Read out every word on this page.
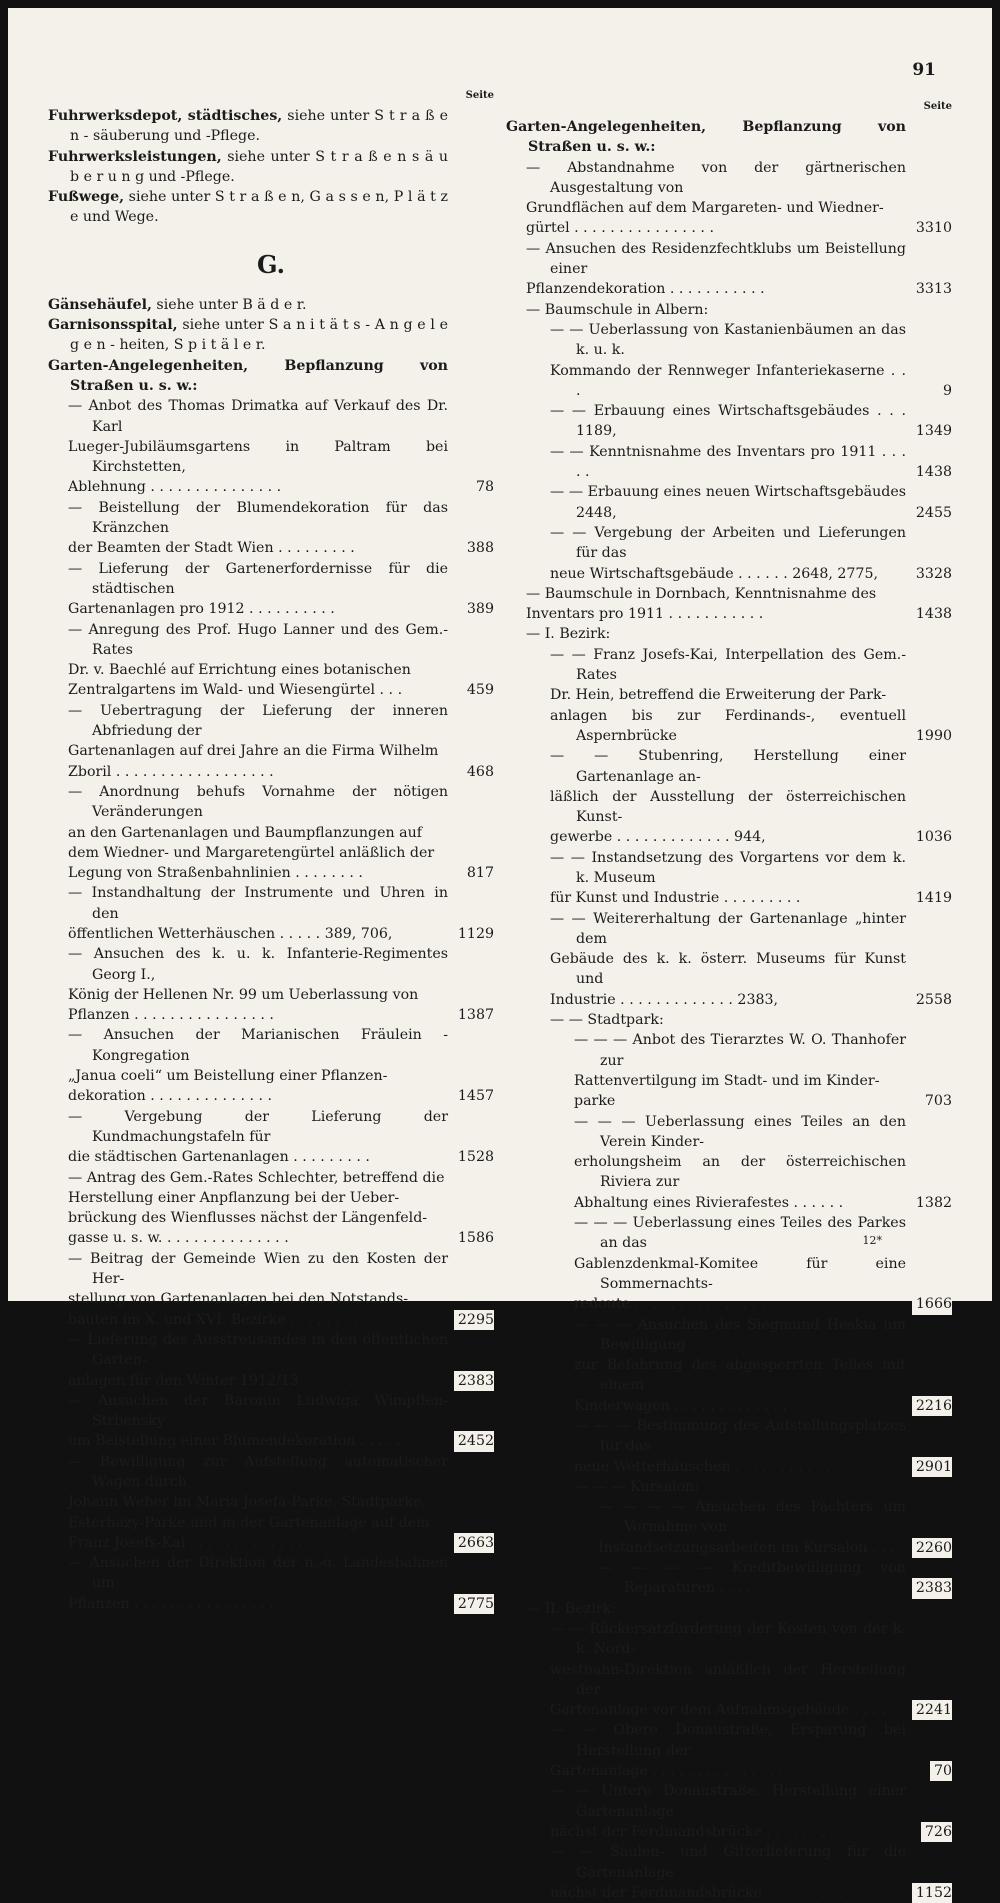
91
Seite
Fuhrwerksdepot, städtisches, siehe unter S t r a ß e n - säuberung und -Pflege.
Fuhrwerksleistungen, siehe unter S t r a ß e n s ä u b e r u n g und -Pflege.
Fußwege, siehe unter S t r a ß e n, G a s s e n, P l ä t z e und Wege.
G.
Gänsehäufel, siehe unter B ä d e r.
Garnisonsspital, siehe unter S a n i t ä t s - A n g e l e g e n - heiten, S p i t ä l e r.
Garten-Angelegenheiten, Bepflanzung von Straßen u. s. w.:
— Anbot des Thomas Drimatka auf Verkauf des Dr. Karl
Lueger-Jubiläumsgartens in Paltram bei Kirchstetten,
Ablehnung . . . . . . . . . . . . . . .	78
— Beistellung der Blumendekoration für das Kränzchen
der Beamten der Stadt Wien . . . . . . . . .	388
— Lieferung der Gartenerfordernisse für die städtischen
Gartenanlagen pro 1912 . . . . . . . . . .	389
— Anregung des Prof. Hugo Lanner und des Gem.-Rates
Dr. v. Baechlé auf Errichtung eines botanischen
Zentralgartens im Wald- und Wiesengürtel . . .	459
— Uebertragung der Lieferung der inneren Abfriedung der
Gartenanlagen auf drei Jahre an die Firma Wilhelm
Zboril . . . . . . . . . . . . . . . . . .	468
— Anordnung behufs Vornahme der nötigen Veränderungen
an den Gartenanlagen und Baumpflanzungen auf
dem Wiedner- und Margaretengürtel anläßlich der
Legung von Straßenbahnlinien . . . . . . . .	817
— Instandhaltung der Instrumente und Uhren in den
öffentlichen Wetterhäuschen . . . . . 389, 706,	1129
— Ansuchen des k. u. k. Infanterie-Regimentes Georg I.,
König der Hellenen Nr. 99 um Ueberlassung von
Pflanzen . . . . . . . . . . . . . . . .	1387
— Ansuchen der Marianischen Fräulein - Kongregation
„Janua coeli“ um Beistellung einer Pflanzen-
dekoration . . . . . . . . . . . . . .	1457
— Vergebung der Lieferung der Kundmachungstafeln für
die städtischen Gartenanlagen . . . . . . . . .	1528
— Antrag des Gem.-Rates Schlechter, betreffend die
Herstellung einer Anpflanzung bei der Ueber-
brückung des Wienflusses nächst der Längenfeld-
gasse u. s. w. . . . . . . . . . . . . . .	1586
— Beitrag der Gemeinde Wien zu den Kosten der Her-
stellung von Gartenanlagen bei den Notstands-
bauten im X. und XVI. Bezirke . . . . . . . .	2295
— Lieferung des Ausstreusandes in den öffentlichen Garten-
anlagen für den Winter 1912/13 . . . . . . .	2383
— Ansuchen der Baronin Ludwiga Wimpffen-Strbensky
um Beistellung einer Blumendekoration . . . . .	2452
— Bewilligung zur Aufstellung automatischer Wagen durch
Johann Weber im Maria Josefa-Parke, Stadtparke,
Esterhazy-Parke und in der Gartenanlage auf dem
Franz Josefs-Kai . . . . . . . . . . . . .	2663
— Ansuchen der Direktion der n.-ö. Landesbahnen um
Pflanzen . . . . . . . . . . . . . . . .	2775
Seite
Garten-Angelegenheiten, Bepflanzung von Straßen u. s. w.:
— Abstandnahme von der gärtnerischen Ausgestaltung von
Grundflächen auf dem Margareten- und Wiedner-
gürtel . . . . . . . . . . . . . . . .	3310
— Ansuchen des Residenzfechtklubs um Beistellung einer
Pflanzendekoration . . . . . . . . . . .	3313
— Baumschule in Albern:
— — Ueberlassung von Kastanienbäumen an das k. u. k.
Kommando der Rennweger Infanteriekaserne . . .	9
— — Erbauung eines Wirtschaftsgebäudes . . . 1189,	1349
— — Kenntnisnahme des Inventars pro 1911 . . . . .	1438
— — Erbauung eines neuen Wirtschaftsgebäudes 2448,	2455
— — Vergebung der Arbeiten und Lieferungen für das
neue Wirtschaftsgebäude . . . . . . 2648, 2775,	3328
— Baumschule in Dornbach, Kenntnisnahme des
Inventars pro 1911 . . . . . . . . . . .	1438
— I. Bezirk:
— — Franz Josefs-Kai, Interpellation des Gem.-Rates
Dr. Hein, betreffend die Erweiterung der Park-
anlagen bis zur Ferdinands-, eventuell Aspernbrücke	1990
— — Stubenring, Herstellung einer Gartenanlage an-
läßlich der Ausstellung der österreichischen Kunst-
gewerbe . . . . . . . . . . . . . 944,	1036
— — Instandsetzung des Vorgartens vor dem k. k. Museum
für Kunst und Industrie . . . . . . . . .	1419
— — Weitererhaltung der Gartenanlage „hinter dem
Gebäude des k. k. österr. Museums für Kunst und
Industrie . . . . . . . . . . . . . 2383,	2558
— — Stadtpark:
— — — Anbot des Tierarztes W. O. Thanhofer zur
Rattenvertilgung im Stadt- und im Kinder-
parke	703
— — — Ueberlassung eines Teiles an den Verein Kinder-
erholungsheim an der österreichischen Riviera zur
Abhaltung eines Rivierafestes . . . . . .	1382
— — — Ueberlassung eines Teiles des Parkes an das
Gablenzdenkmal-Komitee für eine Sommernachts-
redoute . . . . . . . . . . . . . . .	1666
— — — Ansuchen des Siegmund Heskia um Bewilligung
zur Befahrung des abgesperrten Teiles mit einem
Kinderwagen . . . . . . . . . . . . .	2216
— — — Bestimmung des Aufstellungsplatzes für das
neue Wetterhäuschen . . . . . . . . . . .	2901
— — — Kursalon:
— — — — Ansuchen des Pächters um Vornahme von
Instandsetzungsarbeiten im Kursalon . . .	2260
— — — — Kreditbewilligung von Reparaturen . . . .	2383
— II. Bezirk:
— — Rückersatzforderung der Kosten von der k. k. Nord-
westbahn-Direktion anläßlich der Herstellung der
Gartenanlage vor dem Aufnahmsgebäude . . . .	2241
— — Obere Donaustraße, Ersparung bei Herstellung der
Gartenanlage . . . . . . . . . . . . . . .	70
— — Untere Donaustraße, Herstellung einer Gartenanlage
nächst der Ferdinandsbrücke . . . . . . . .	726
— — Säulen- und Gitterlieferung für die Gartenanlage
nächst der Ferdinandsbrücke . . . . . . . . .	1152
12*
